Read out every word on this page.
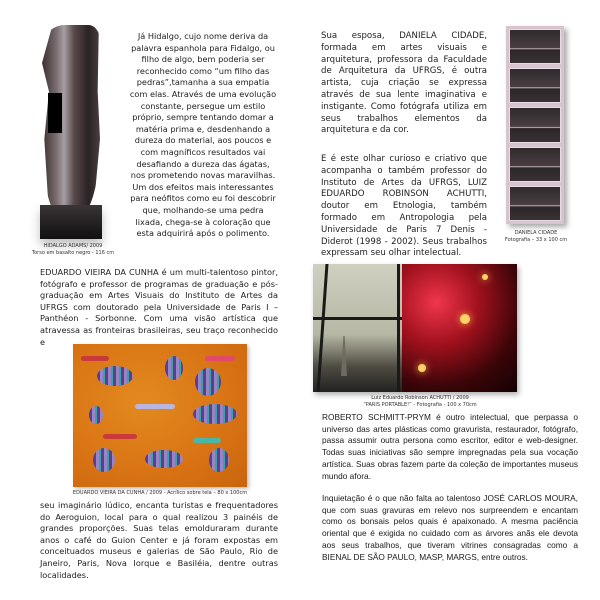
HIDALGO ADAMS/ 2009
Torso em basalto negro - 116 cm
Já Hidalgo, cujo nome deriva da palavra espanhola para Fidalgo, ou filho de algo, bem poderia ser reconhecido como “um filho das pedras”,tamanha a sua empatia com elas. Através de uma evolução constante, persegue um estilo próprio, sempre tentando domar a matéria prima e, desdenhando a dureza do material, aos poucos e com magníficos resultados vai desafiando a dureza das ágatas, nos prometendo novas maravilhas. Um dos efeitos mais interessantes para neófitos como eu foi descobrir que, molhando-se uma pedra lixada, chega-se à coloração que esta adquirirá após o polimento.
EDUARDO VIEIRA DA CUNHA é um multi-talentoso pintor, fotógrafo e professor de programas de graduação e pós-graduação em Artes Visuais do Instituto de Artes da UFRGS com doutorado pela Universidade de Paris I – Panthéon - Sorbonne. Com uma visão artística que atravessa as fronteiras brasileiras, seu traço reconhecido e
EDUARDO VIEIRA DA CUNHA / 2009 - Acrílico sobre tela – 80 x 100cm
seu imaginário lúdico, encanta turistas e frequentadores do Aeroguion, local para o qual realizou 3 painéis de grandes proporções. Suas telas emolduraram durante anos o café do Guion Center e já foram expostas em conceituados museus e galerias de São Paulo, Rio de Janeiro, Paris, Nova Iorque e Basiléia, dentre outras localidades.
Sua esposa, DANIELA CIDADE, formada em artes visuais e arquitetura, professora da Faculdade de Arquitetura da UFRGS, é outra artista, cuja criação se expressa através de sua lente imaginativa e instigante. Como fotógrafa utiliza em seus trabalhos elementos da arquitetura e da cor.
DANIELA CIDADE
Fotografia – 33 x 100 cm
E é este olhar curioso e criativo que acompanha o também professor do Instituto de Artes da UFRGS, LUIZ EDUARDO ROBINSON ACHUTTI, doutor em Etnologia, também formado em Antropologia pela Universidade de Paris 7 Denis - Diderot (1998 - 2002). Seus trabalhos expressam seu olhar intelectual.
Luiz Eduardo Robinson ACHUTTI / 2009
“PARIS PORTABLE!” - Fotografia - 100 x 70cm
ROBERTO SCHMITT-PRYM é outro intelectual, que perpassa o universo das artes plásticas como gravurista, restaurador, fotógrafo, passa assumir outra persona como escritor, editor e web-designer. Todas suas iniciativas são sempre impregnadas pela sua vocação artística. Suas obras fazem parte da coleção de importantes museus mundo afora.
Inquietação é o que não falta ao talentoso JOSÉ CARLOS MOURA, que com suas gravuras em relevo nos surpreendem e encantam como os bonsais pelos quais é apaixonado. A mesma paciência oriental que é exigida no cuidado com as árvores anãs ele devota aos seus trabalhos, que tiveram vitrines consagradas como a BIENAL DE SÃO PAULO, MASP, MARGS, entre outros.
